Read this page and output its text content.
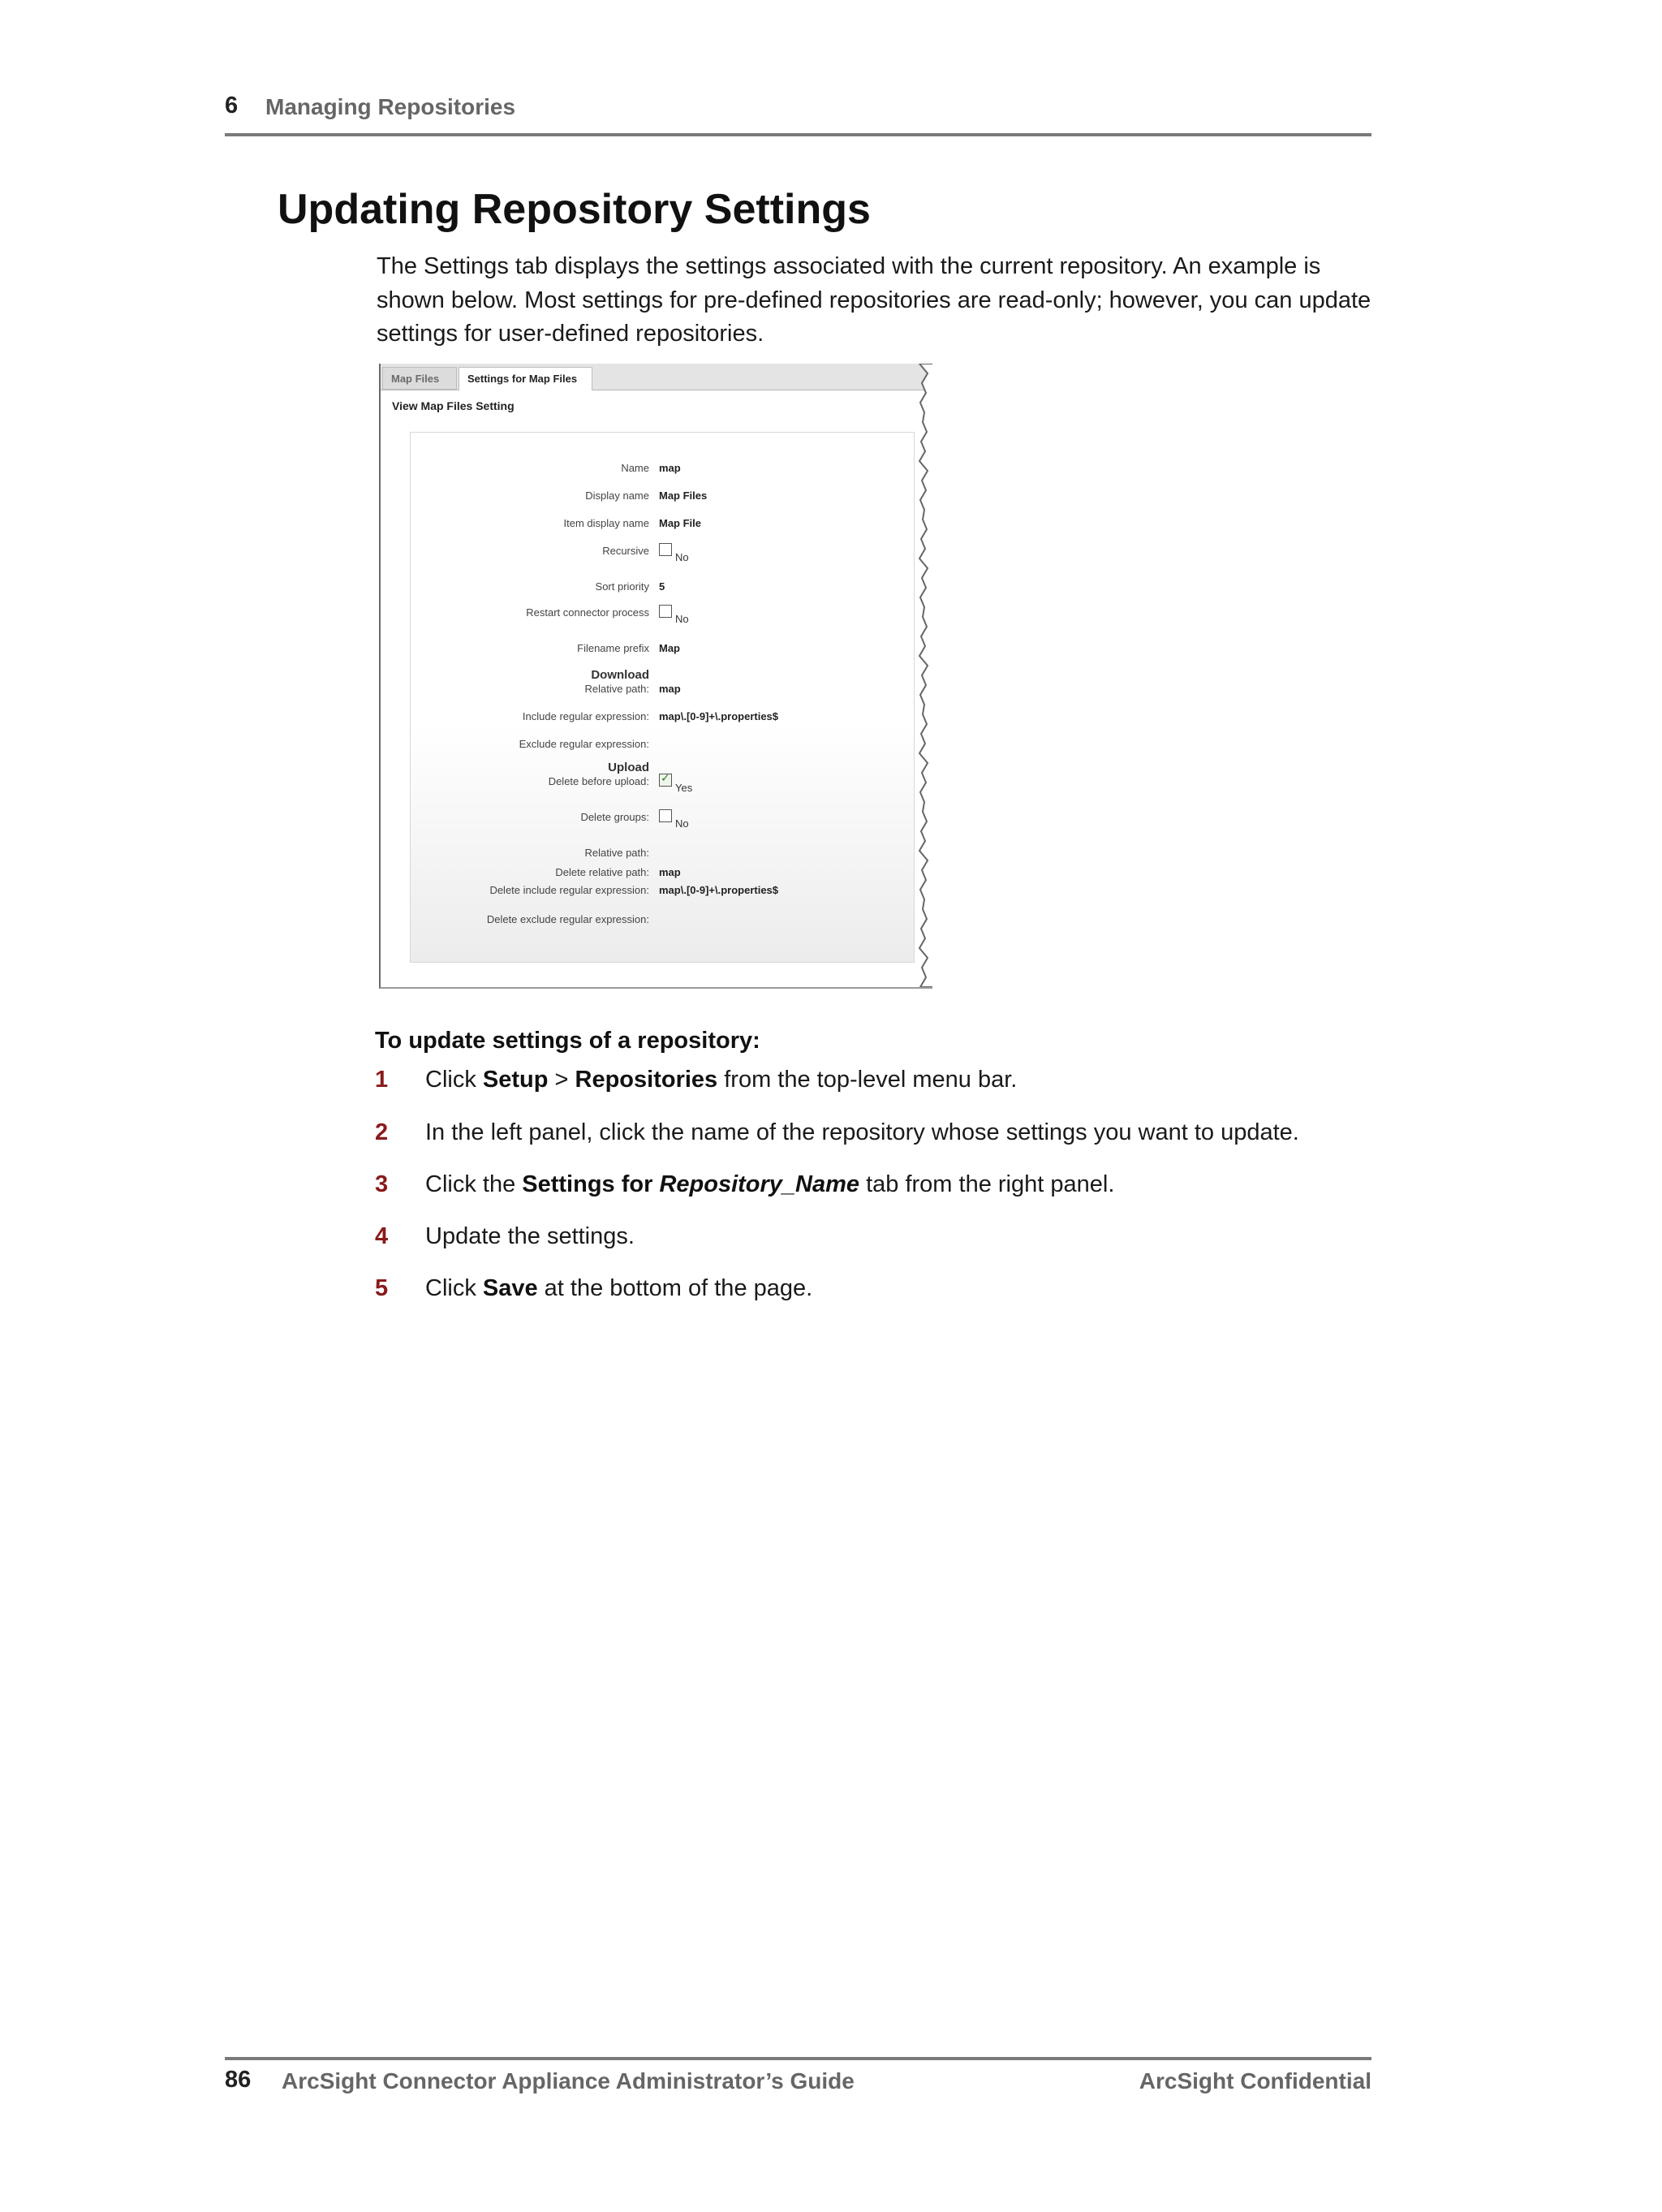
6 Managing Repositories
Updating Repository Settings

The Settings tab displays the settings associated with the current repository. An example is shown below. Most settings for pre-defined repositories are read-only; however, you can update settings for user-defined repositories.

Map Files	Settings for Map Files
View Map Files Setting
Name map
Display name Map Files
Item display name Map File
Recursive
No
Sort priority 5
Restart connector process
No
Filename prefix Map
Download
Relative path: map
Include regular expression: map\.[0-9]+\.properties$
Exclude regular expression:
Upload
Delete before upload:
✓
Yes
Delete groups:
No
Relative path:
Delete relative path: map
Delete include regular expression: map\.[0-9]+\.properties$
Delete exclude regular expression:
To update settings of a repository:
1 Click Setup > Repositories from the top-level menu bar.
2 In the left panel, click the name of the repository whose settings you want to update.
3 Click the Settings for Repository_Name tab from the right panel.
4 Update the settings.
5 Click Save at the bottom of the page.
86 ArcSight Connector Appliance Administrator’s Guide	ArcSight Confidential
